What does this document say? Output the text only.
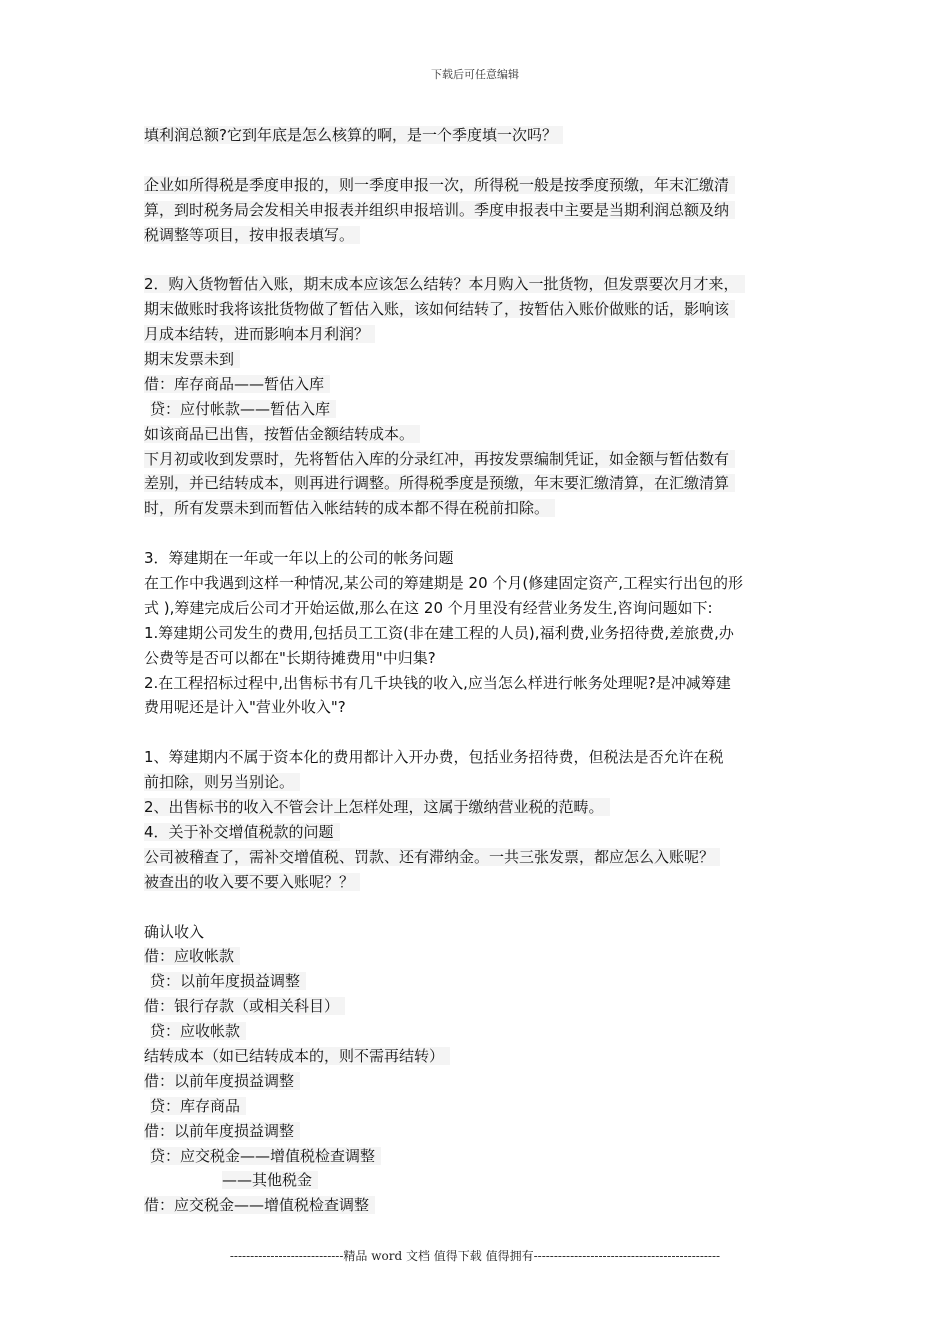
下载后可任意编辑
填利润总额?它到年底是怎么核算的啊，是一个季度填一次吗？
企业如所得税是季度申报的，则一季度申报一次，所得税一般是按季度预缴，年末汇缴清
算，到时税务局会发相关申报表并组织申报培训。季度申报表中主要是当期利润总额及纳
税调整等项目，按申报表填写。
2．购入货物暂估入账，期末成本应该怎么结转？本月购入一批货物，但发票要次月才来，
期末做账时我将该批货物做了暂估入账，该如何结转了，按暂估入账价做账的话，影响该
月成本结转，进而影响本月利润？
期末发票未到
借：库存商品——暂估入库
贷：应付帐款——暂估入库
如该商品已出售，按暂估金额结转成本。
下月初或收到发票时，先将暂估入库的分录红冲，再按发票编制凭证，如金额与暂估数有
差别，并已结转成本，则再进行调整。所得税季度是预缴，年末要汇缴清算，在汇缴清算
时，所有发票未到而暂估入帐结转的成本都不得在税前扣除。
3．筹建期在一年或一年以上的公司的帐务问题
在工作中我遇到这样一种情况,某公司的筹建期是 20 个月(修建固定资产,工程实行出包的形
式 ),筹建完成后公司才开始运做,那么在这 20 个月里没有经营业务发生,咨询问题如下:
1.筹建期公司发生的费用,包括员工工资(非在建工程的人员),福利费,业务招待费,差旅费,办
公费等是否可以都在"长期待摊费用"中归集?
2.在工程招标过程中,出售标书有几千块钱的收入,应当怎么样进行帐务处理呢?是冲减筹建
费用呢还是计入"营业外收入"?
1、筹建期内不属于资本化的费用都计入开办费，包括业务招待费，但税法是否允许在税
前扣除，则另当别论。
2、出售标书的收入不管会计上怎样处理，这属于缴纳营业税的范畴。
4．关于补交增值税款的问题
公司被稽查了，需补交增值税、罚款、还有滞纳金。一共三张发票，都应怎么入账呢？
被查出的收入要不要入账呢？？
确认收入
借：应收帐款
贷：以前年度损益调整
借：银行存款（或相关科目）
贷：应收帐款
结转成本（如已结转成本的，则不需再结转）
借：以前年度损益调整
贷：库存商品
借：以前年度损益调整
贷：应交税金——增值税检查调整
——其他税金
借：应交税金——增值税检查调整
----------------------------精品 word 文档 值得下载 值得拥有----------------------------------------------
